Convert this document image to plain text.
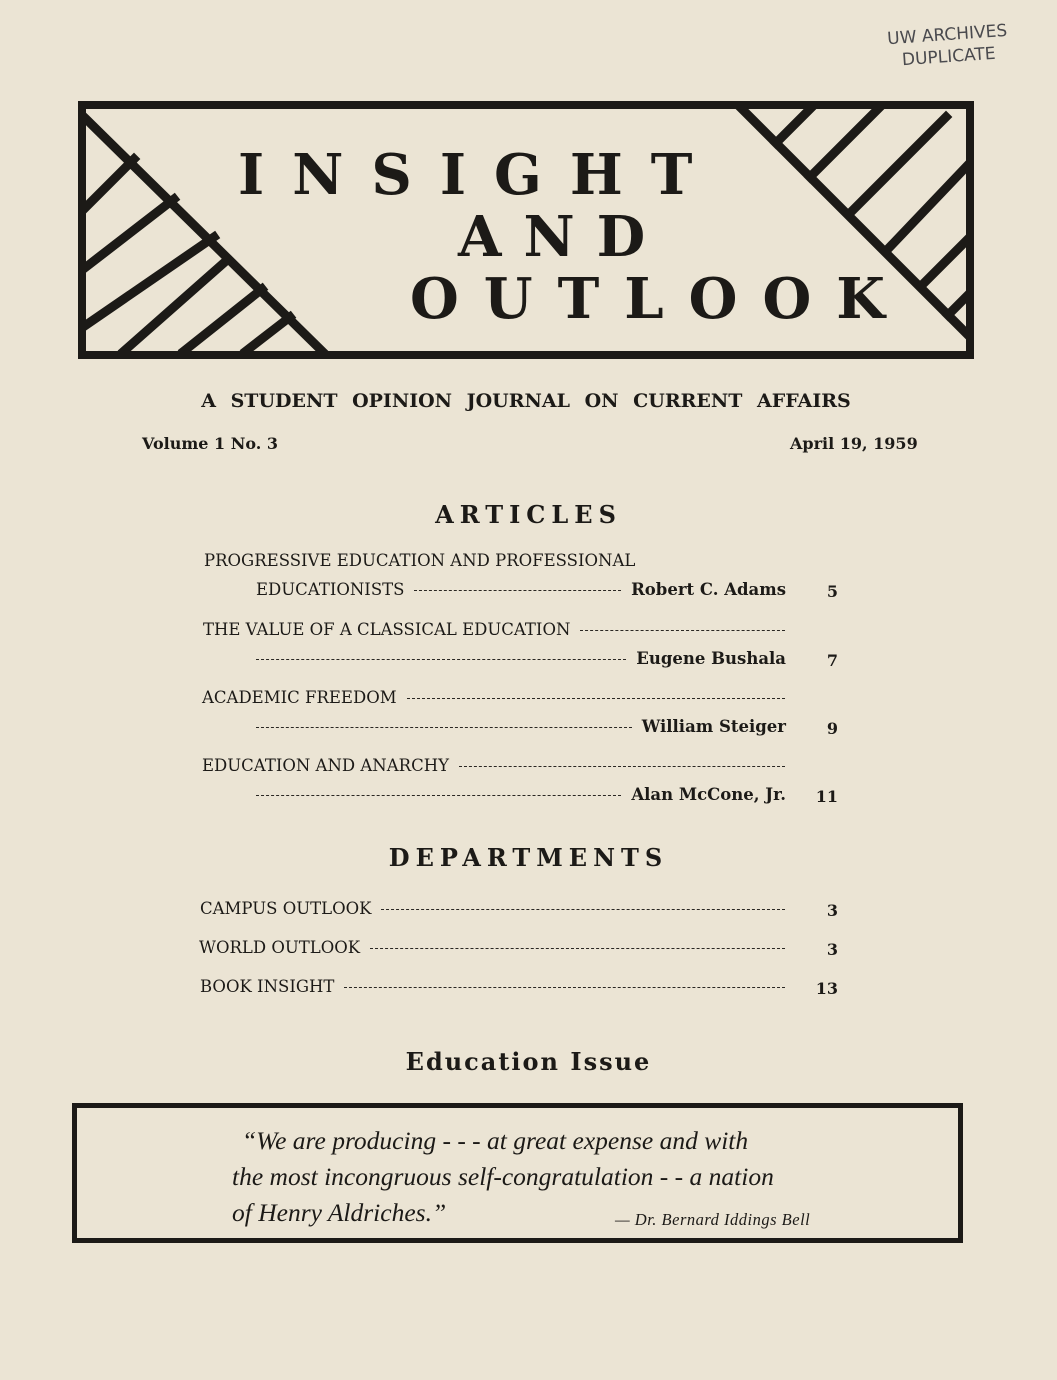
UW ARCHIVES
DUPLICATE
INSIGHT
AND
OUTLOOK
A STUDENT OPINION JOURNAL ON CURRENT AFFAIRS
Volume 1 No. 3	April 19, 1959
ARTICLES
PROGRESSIVE EDUCATION AND PROFESSIONAL
EDUCATIONISTS	Robert C. Adams	5
THE VALUE OF A CLASSICAL EDUCATION
Eugene Bushala	7
ACADEMIC FREEDOM
William Steiger	9
EDUCATION AND ANARCHY
Alan McCone, Jr.	11
DEPARTMENTS
CAMPUS OUTLOOK	3
WORLD OUTLOOK	3
BOOK INSIGHT	13
Education Issue
“We are producing - - - at great expense and with
the most incongruous self-congratulation - - a nation
of Henry Aldriches.”	— Dr. Bernard Iddings Bell
